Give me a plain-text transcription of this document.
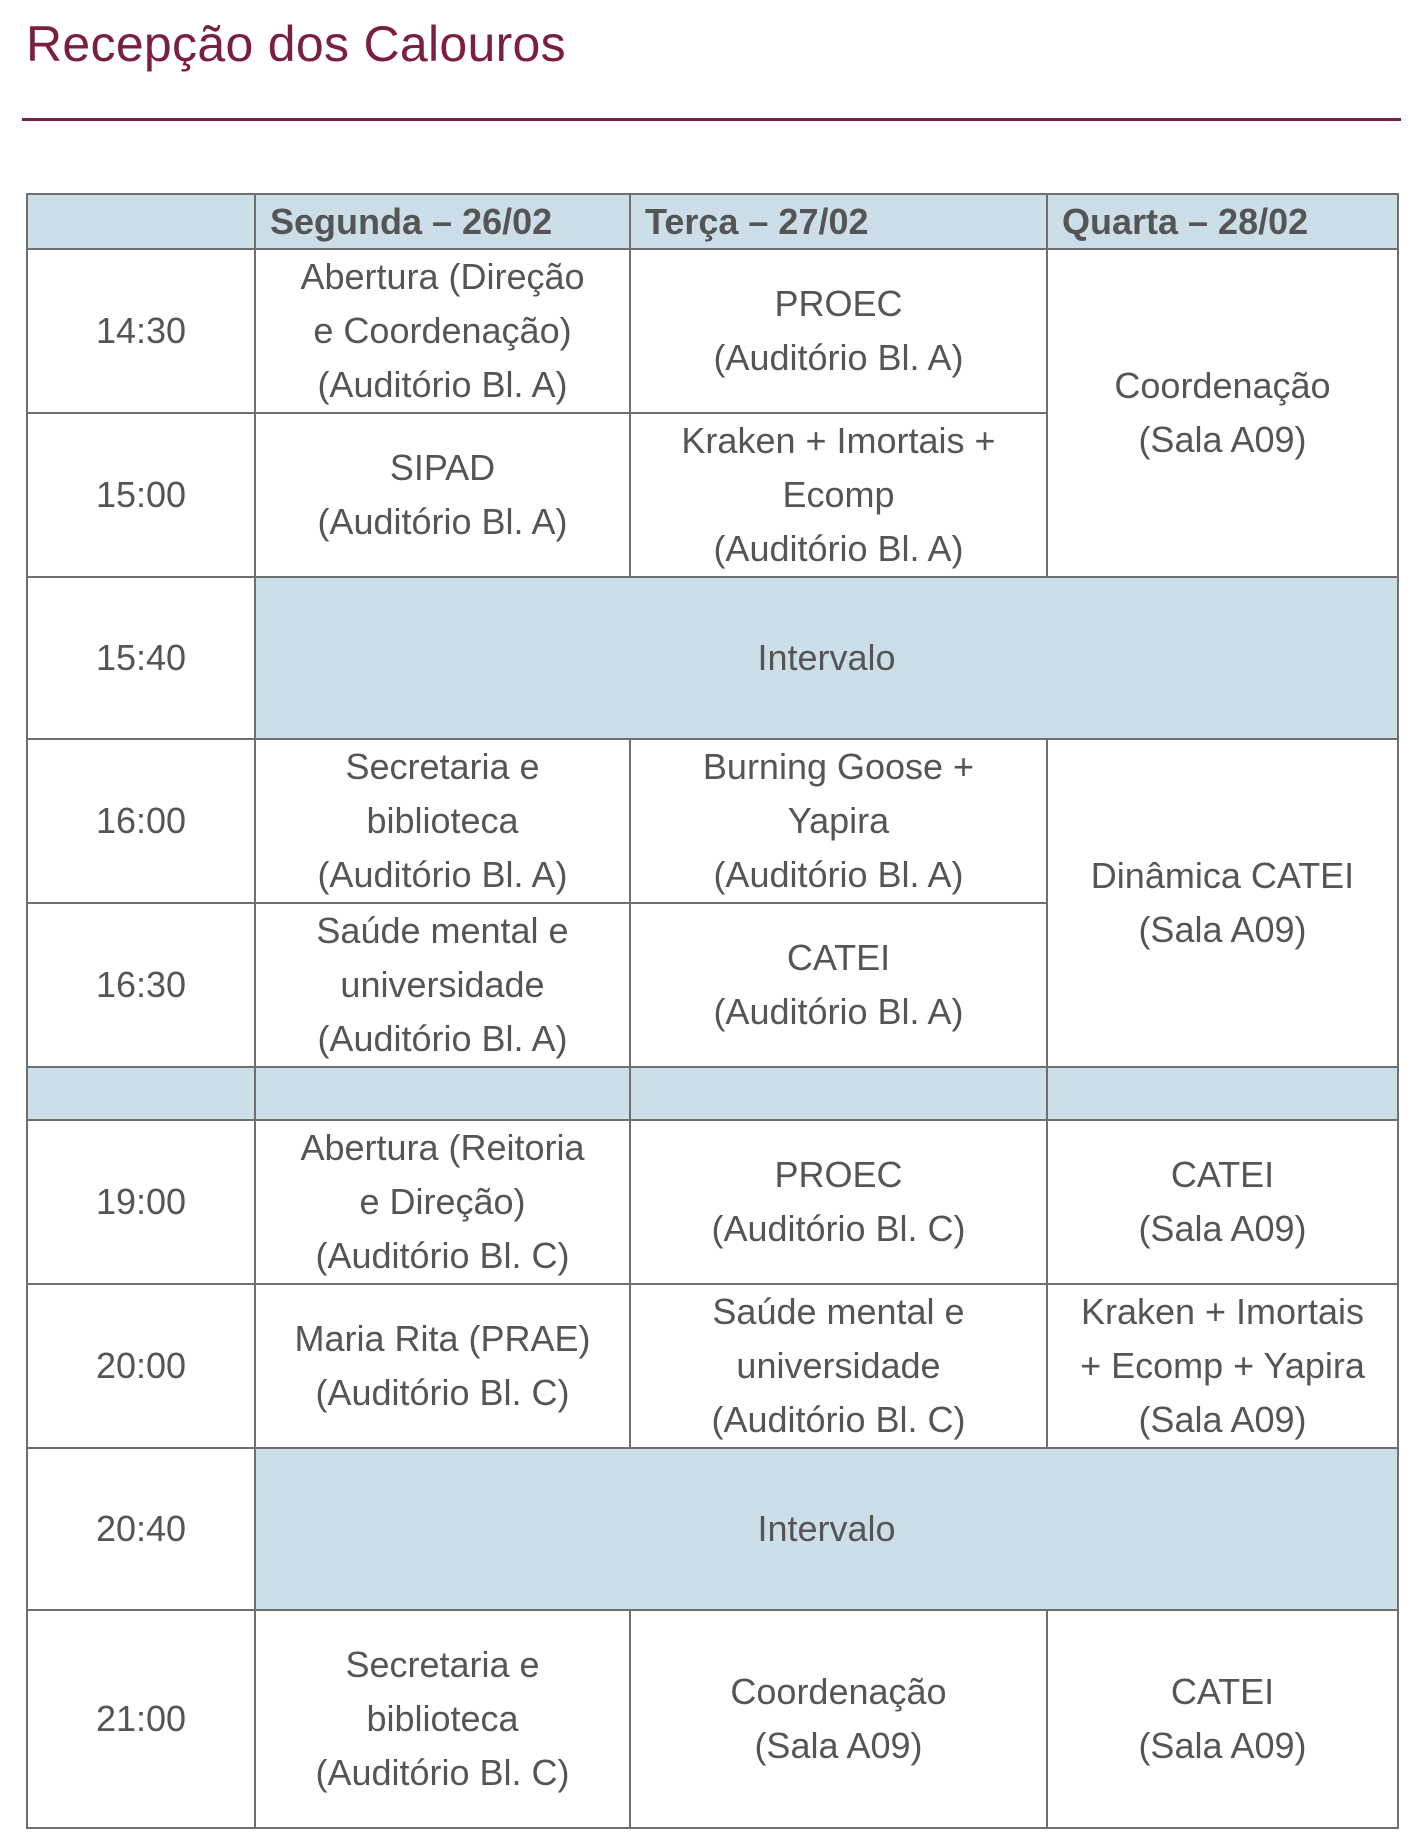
Recepção dos Calouros
	Segunda – 26/02	Terça – 27/02	Quarta – 28/02
14:30	Abertura (Direção
e Coordenação)
(Auditório Bl. A)	PROEC
(Auditório Bl. A)	Coordenação
(Sala A09)

15:00	SIPAD
(Auditório Bl. A)	Kraken + Imortais +
Ecomp
(Auditório Bl. A)	

15:40	Intervalo		
16:00	Secretaria e
biblioteca
(Auditório Bl. A)	Burning Goose +
Yapira
(Auditório Bl. A)	Dinâmica CATEI
(Sala A09)

16:30	Saúde mental e
universidade
(Auditório Bl. A)	CATEI
(Auditório Bl. A)	

19:00	Abertura (Reitoria
e Direção)
(Auditório Bl. C)	PROEC
(Auditório Bl. C)	CATEI
(Sala A09)

20:00	Maria Rita (PRAE)
(Auditório Bl. C)	Saúde mental e
universidade
(Auditório Bl. C)	Kraken + Imortais
+ Ecomp + Yapira
(Sala A09)

20:40	Intervalo		
21:00	Secretaria e
biblioteca
(Auditório Bl. C)	Coordenação
(Sala A09)	CATEI
(Sala A09)
